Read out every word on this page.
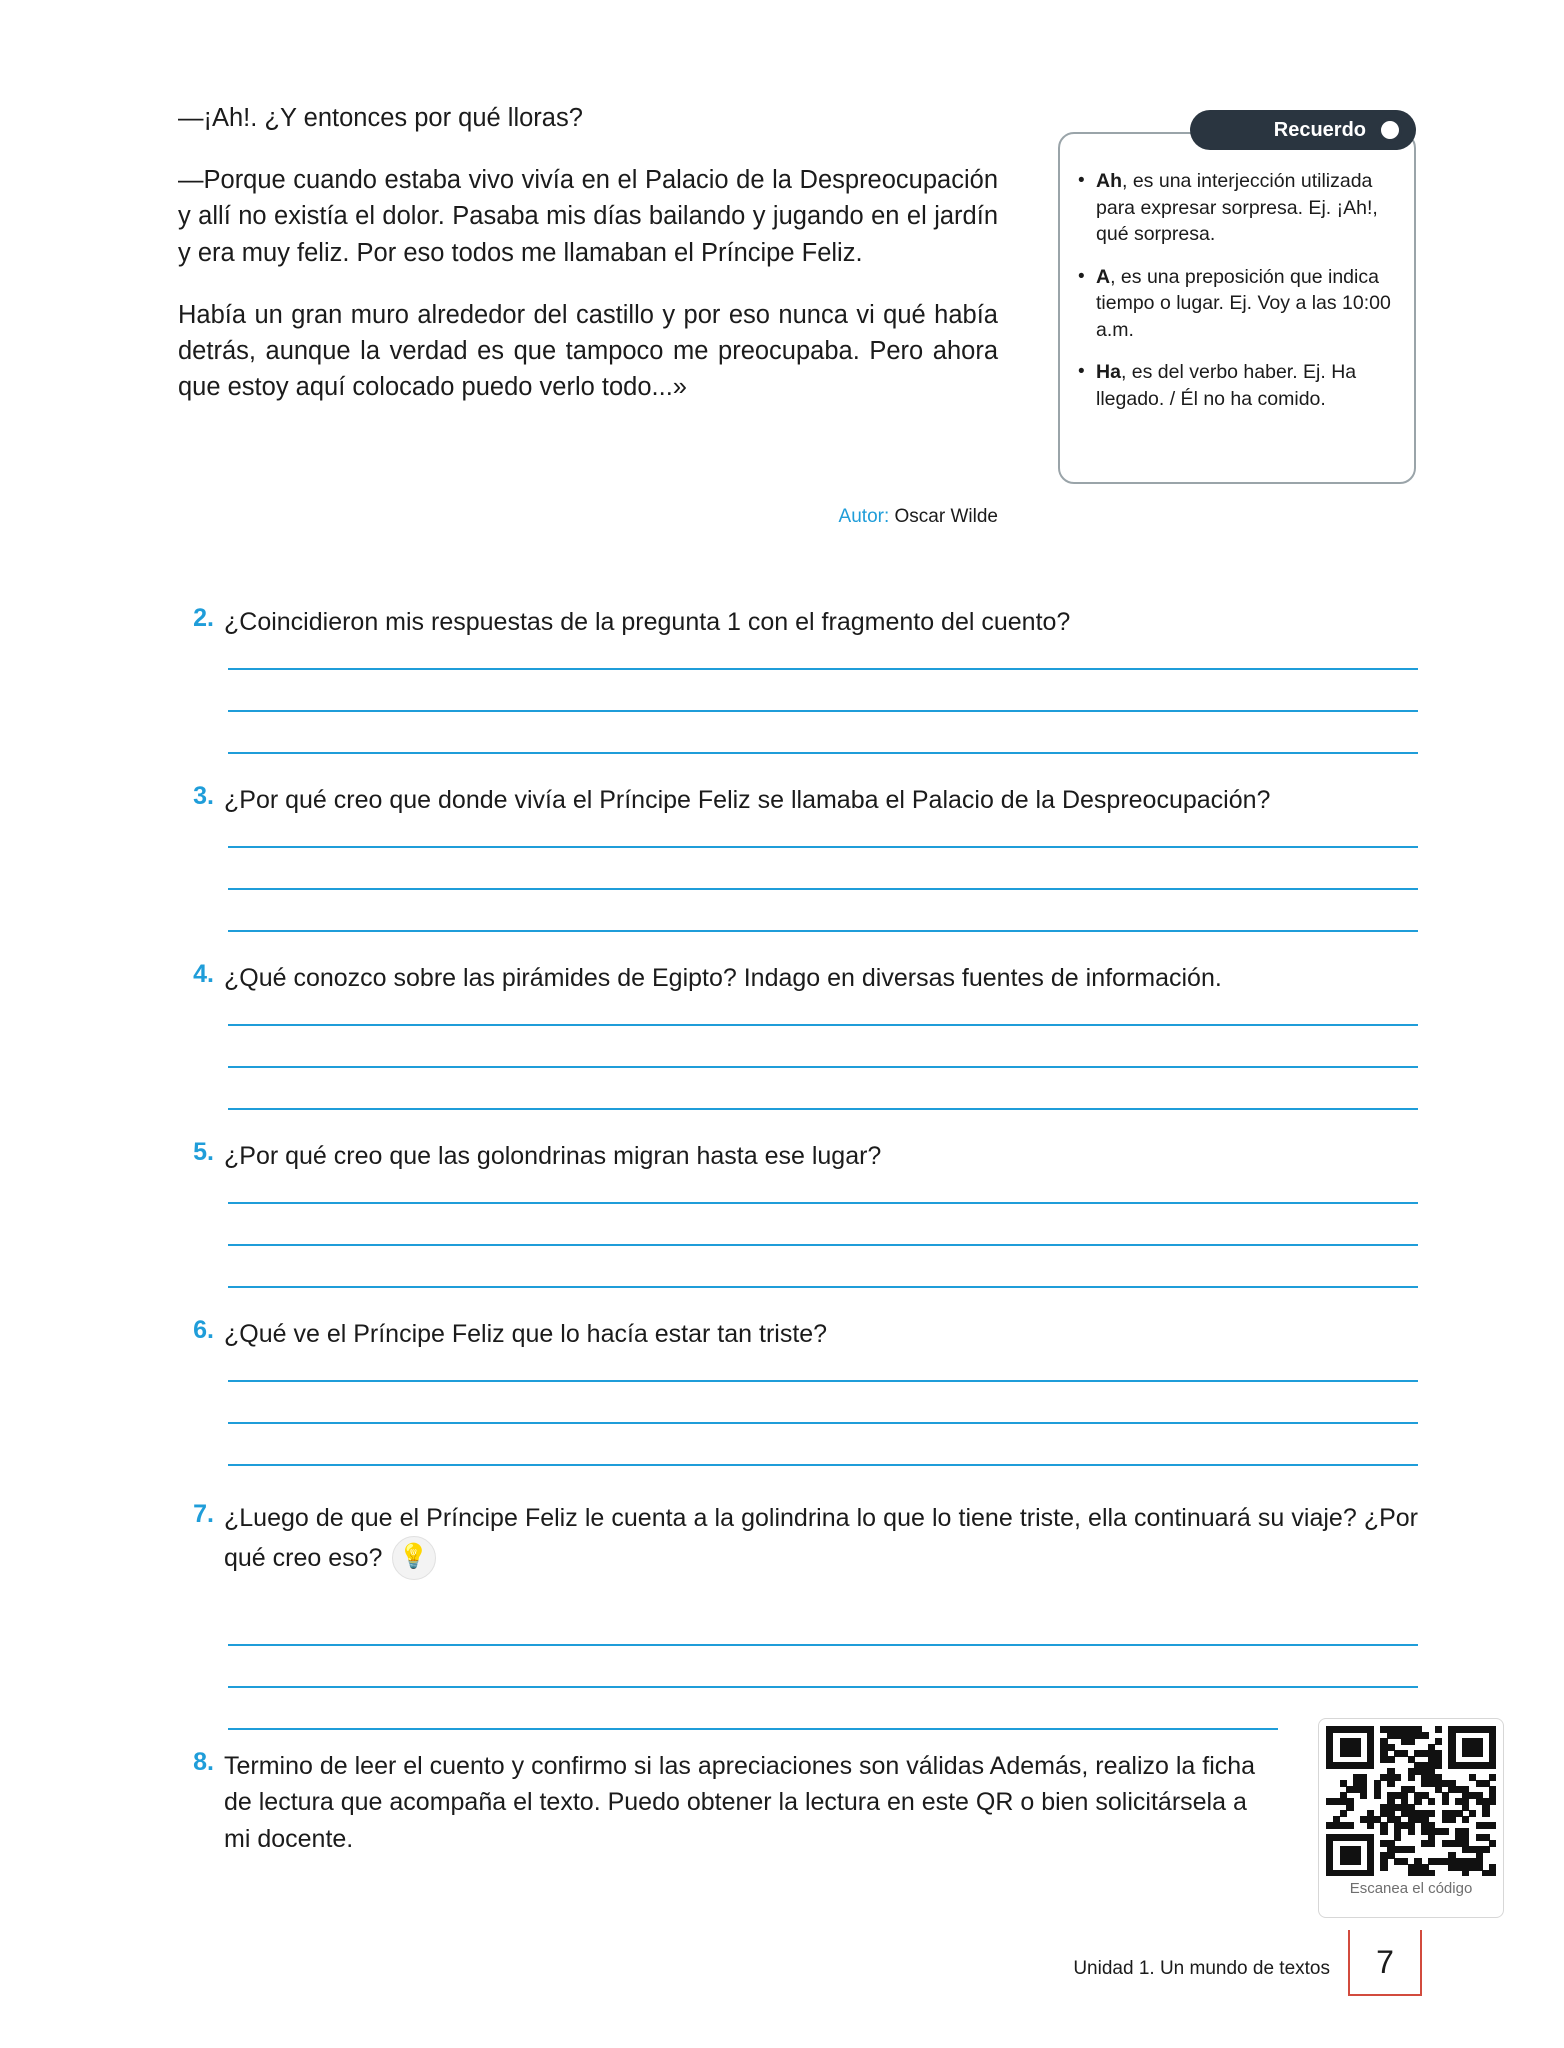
—¡Ah!. ¿Y entonces por qué lloras?

—Porque cuando estaba vivo vivía en el Palacio de la Despreocupación y allí no existía el dolor. Pasaba mis días bailando y jugando en el jardín y era muy feliz. Por eso todos me llamaban el Príncipe Feliz.

Había un gran muro alrededor del castillo y por eso nunca vi qué había detrás, aunque la verdad es que tampoco me preocupaba. Pero ahora que estoy aquí colocado puedo verlo todo...»

Autor: Oscar Wilde
Recuerdo
• Ah, es una interjección utilizada para expresar sorpresa. Ej. ¡Ah!, qué sorpresa.
• A, es una preposición que indica tiempo o lugar. Ej. Voy a las 10:00 a.m.
• Ha, es del verbo haber. Ej. Ha llegado. / Él no ha comido.
2. ¿Coincidieron mis respuestas de la pregunta 1 con el fragmento del cuento?
3. ¿Por qué creo que donde vivía el Príncipe Feliz se llamaba el Palacio de la Despreocupación?
4. ¿Qué conozco sobre las pirámides de Egipto? Indago en diversas fuentes de información.
5. ¿Por qué creo que las golondrinas migran hasta ese lugar?
6. ¿Qué ve el Príncipe Feliz que lo hacía estar tan triste?
7. ¿Luego de que el Príncipe Feliz le cuenta a la golindrina lo que lo tiene triste, ella continuará su viaje? ¿Por qué creo eso? 💡
8. Termino de leer el cuento y confirmo si las apreciaciones son válidas Además, realizo la ficha de lectura que acompaña el texto. Puedo obtener la lectura en este QR o bien solicitársela a mi docente.
Escanea el código
Unidad 1. Un mundo de textos	7
